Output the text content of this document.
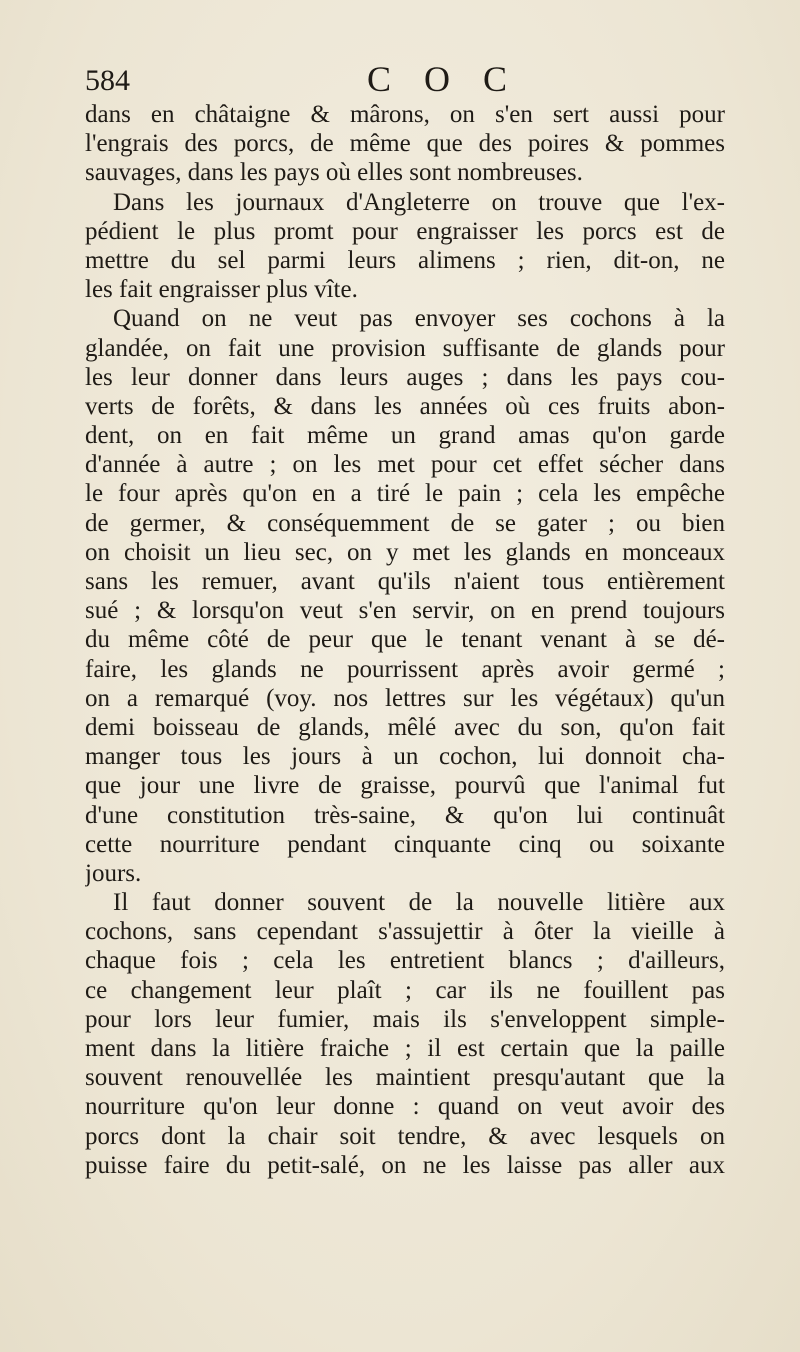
584	C O C

dans en châtaigne & mârons, on s'en sert aussi pour
l'engrais des porcs, de même que des poires & pommes
sauvages, dans les pays où elles sont nombreuses.

Dans les journaux d'Angleterre on trouve que l'ex-
pédient le plus promt pour engraisser les porcs est de
mettre du sel parmi leurs alimens ; rien, dit-on, ne
les fait engraisser plus vîte.

Quand on ne veut pas envoyer ses cochons à la
glandée, on fait une provision suffisante de glands pour
les leur donner dans leurs auges ; dans les pays cou-
verts de forêts, & dans les années où ces fruits abon-
dent, on en fait même un grand amas qu'on garde
d'année à autre ; on les met pour cet effet sécher dans
le four après qu'on en a tiré le pain ; cela les empêche
de germer, & conséquemment de se gater ; ou bien
on choisit un lieu sec, on y met les glands en monceaux
sans les remuer, avant qu'ils n'aient tous entièrement
sué ; & lorsqu'on veut s'en servir, on en prend toujours
du même côté de peur que le tenant venant à se dé-
faire, les glands ne pourrissent après avoir germé ;
on a remarqué (voy. nos lettres sur les végétaux) qu'un
demi boisseau de glands, mêlé avec du son, qu'on fait
manger tous les jours à un cochon, lui donnoit cha-
que jour une livre de graisse, pourvû que l'animal fut
d'une constitution très-saine, & qu'on lui continuât
cette nourriture pendant cinquante cinq ou soixante
jours.

Il faut donner souvent de la nouvelle litière aux
cochons, sans cependant s'assujettir à ôter la vieille à
chaque fois ; cela les entretient blancs ; d'ailleurs,
ce changement leur plaît ; car ils ne fouillent pas
pour lors leur fumier, mais ils s'enveloppent simple-
ment dans la litière fraiche ; il est certain que la paille
souvent renouvellée les maintient presqu'autant que la
nourriture qu'on leur donne : quand on veut avoir des
porcs dont la chair soit tendre, & avec lesquels on
puisse faire du petit-salé, on ne les laisse pas aller aux
